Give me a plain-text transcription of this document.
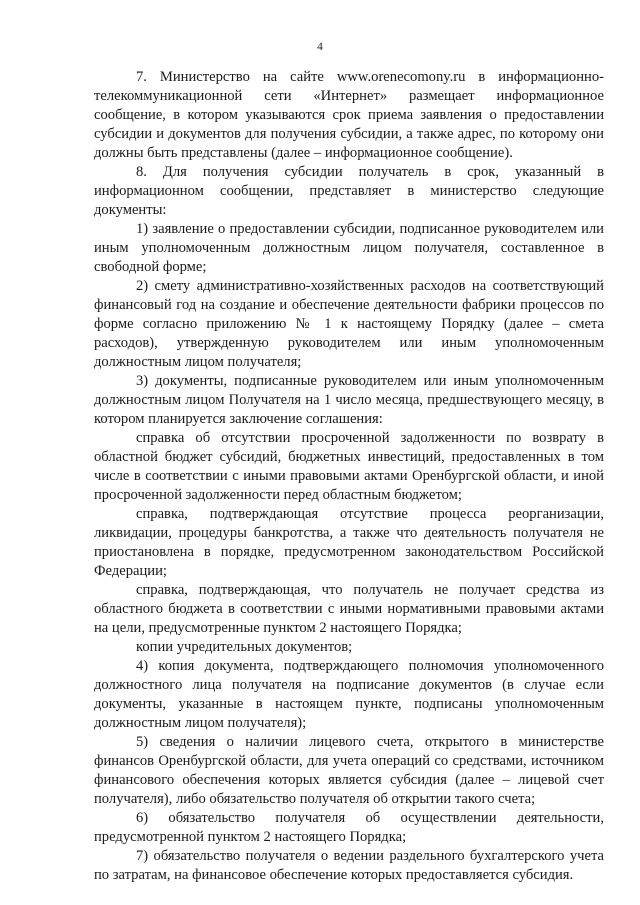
4

7. Министерство на сайте www.orenecomony.ru в информационно-телекоммуникационной сети «Интернет» размещает информационное сообщение, в котором указываются срок приема заявления о предоставлении субсидии и документов для получения субсидии, а также адрес, по которому они должны быть представлены (далее – информационное сообщение).

8. Для получения субсидии получатель в срок, указанный в информационном сообщении, представляет в министерство следующие документы:

1) заявление о предоставлении субсидии, подписанное руководителем или иным уполномоченным должностным лицом получателя, составленное в свободной форме;

2) смету административно-хозяйственных расходов на соответствующий финансовый год на создание и обеспечение деятельности фабрики процессов по форме согласно приложению № 1 к настоящему Порядку (далее – смета расходов), утвержденную руководителем или иным уполномоченным должностным лицом получателя;

3) документы, подписанные руководителем или иным уполномоченным должностным лицом Получателя на 1 число месяца, предшествующего месяцу, в котором планируется заключение соглашения:

справка об отсутствии просроченной задолженности по возврату в областной бюджет субсидий, бюджетных инвестиций, предоставленных в том числе в соответствии с иными правовыми актами Оренбургской области, и иной просроченной задолженности перед областным бюджетом;

справка, подтверждающая отсутствие процесса реорганизации, ликвидации, процедуры банкротства, а также что деятельность получателя не приостановлена в порядке, предусмотренном законодательством Российской Федерации;

справка, подтверждающая, что получатель не получает средства из областного бюджета в соответствии с иными нормативными правовыми актами на цели, предусмотренные пунктом 2 настоящего Порядка;

копии учредительных документов;

4) копия документа, подтверждающего полномочия уполномоченного должностного лица получателя на подписание документов (в случае если документы, указанные в настоящем пункте, подписаны уполномоченным должностным лицом получателя);

5) сведения о наличии лицевого счета, открытого в министерстве финансов Оренбургской области, для учета операций со средствами, источником финансового обеспечения которых является субсидия (далее – лицевой счет получателя), либо обязательство получателя об открытии такого счета;

6) обязательство получателя об осуществлении деятельности, предусмотренной пунктом 2 настоящего Порядка;

7) обязательство получателя о ведении раздельного бухгалтерского учета по затратам, на финансовое обеспечение которых предоставляется субсидия.
